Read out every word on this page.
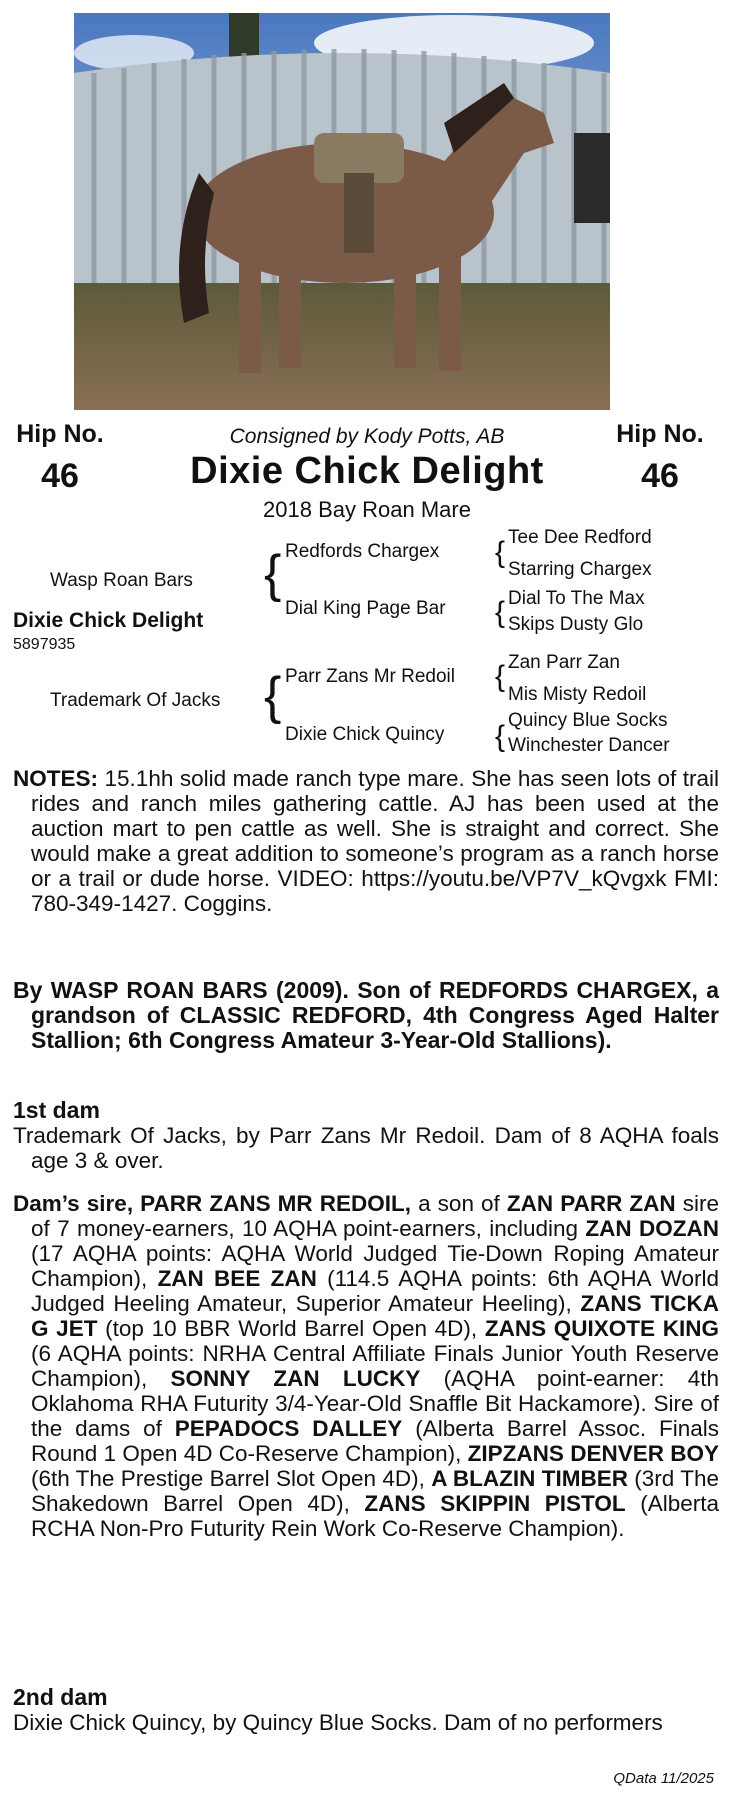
Hip No.
46
Hip No.
46
Consigned by Kody Potts, AB
Dixie Chick Delight
2018 Bay Roan Mare
Wasp Roan Bars
Dixie Chick Delight
5897935
Trademark Of Jacks
{ Redfords Chargex
Dial King Page Bar
{ Tee Dee Redford
Starring Chargex
{ Dial To The Max
Skips Dusty Glo
{ Parr Zans Mr Redoil
Dixie Chick Quincy
{ Zan Parr Zan
Mis Misty Redoil
{ Quincy Blue Socks
Winchester Dancer

NOTES: 15.1hh solid made ranch type mare. She has seen lots of trail rides and ranch miles gathering cattle. AJ has been used at the auction mart to pen cattle as well. She is straight and correct. She would make a great addition to someone’s program as a ranch horse or a trail or dude horse. VIDEO: https://youtu.be/VP7V_kQvgxk FMI: 780-349-1427. Coggins.

By WASP ROAN BARS (2009). Son of REDFORDS CHARGEX, a grandson of CLASSIC REDFORD, 4th Congress Aged Halter Stallion; 6th Congress Amateur 3-Year-Old Stallions).

1st dam

Trademark Of Jacks, by Parr Zans Mr Redoil. Dam of 8 AQHA foals age 3 & over.

Dam’s sire, PARR ZANS MR REDOIL, a son of ZAN PARR ZAN sire of 7 money-earners, 10 AQHA point-earners, including ZAN DOZAN (17 AQHA points: AQHA World Judged Tie-Down Roping Amateur Champion), ZAN BEE ZAN (114.5 AQHA points: 6th AQHA World Judged Heeling Amateur, Superior Amateur Heeling), ZANS TICKA G JET (top 10 BBR World Barrel Open 4D), ZANS QUIXOTE KING (6 AQHA points: NRHA Central Affiliate Finals Junior Youth Reserve Champion), SONNY ZAN LUCKY (AQHA point-earner: 4th Oklahoma RHA Futurity 3/4-Year-Old Snaffle Bit Hackamore). Sire of the dams of PEPADOCS DALLEY (Alberta Barrel Assoc. Finals Round 1 Open 4D Co-Reserve Champion), ZIPZANS DENVER BOY (6th The Prestige Barrel Slot Open 4D), A BLAZIN TIMBER (3rd The Shakedown Barrel Open 4D), ZANS SKIPPIN PISTOL (Alberta RCHA Non-Pro Futurity Rein Work Co-Reserve Champion).

2nd dam

Dixie Chick Quincy, by Quincy Blue Socks. Dam of no performers

QData 11/2025
